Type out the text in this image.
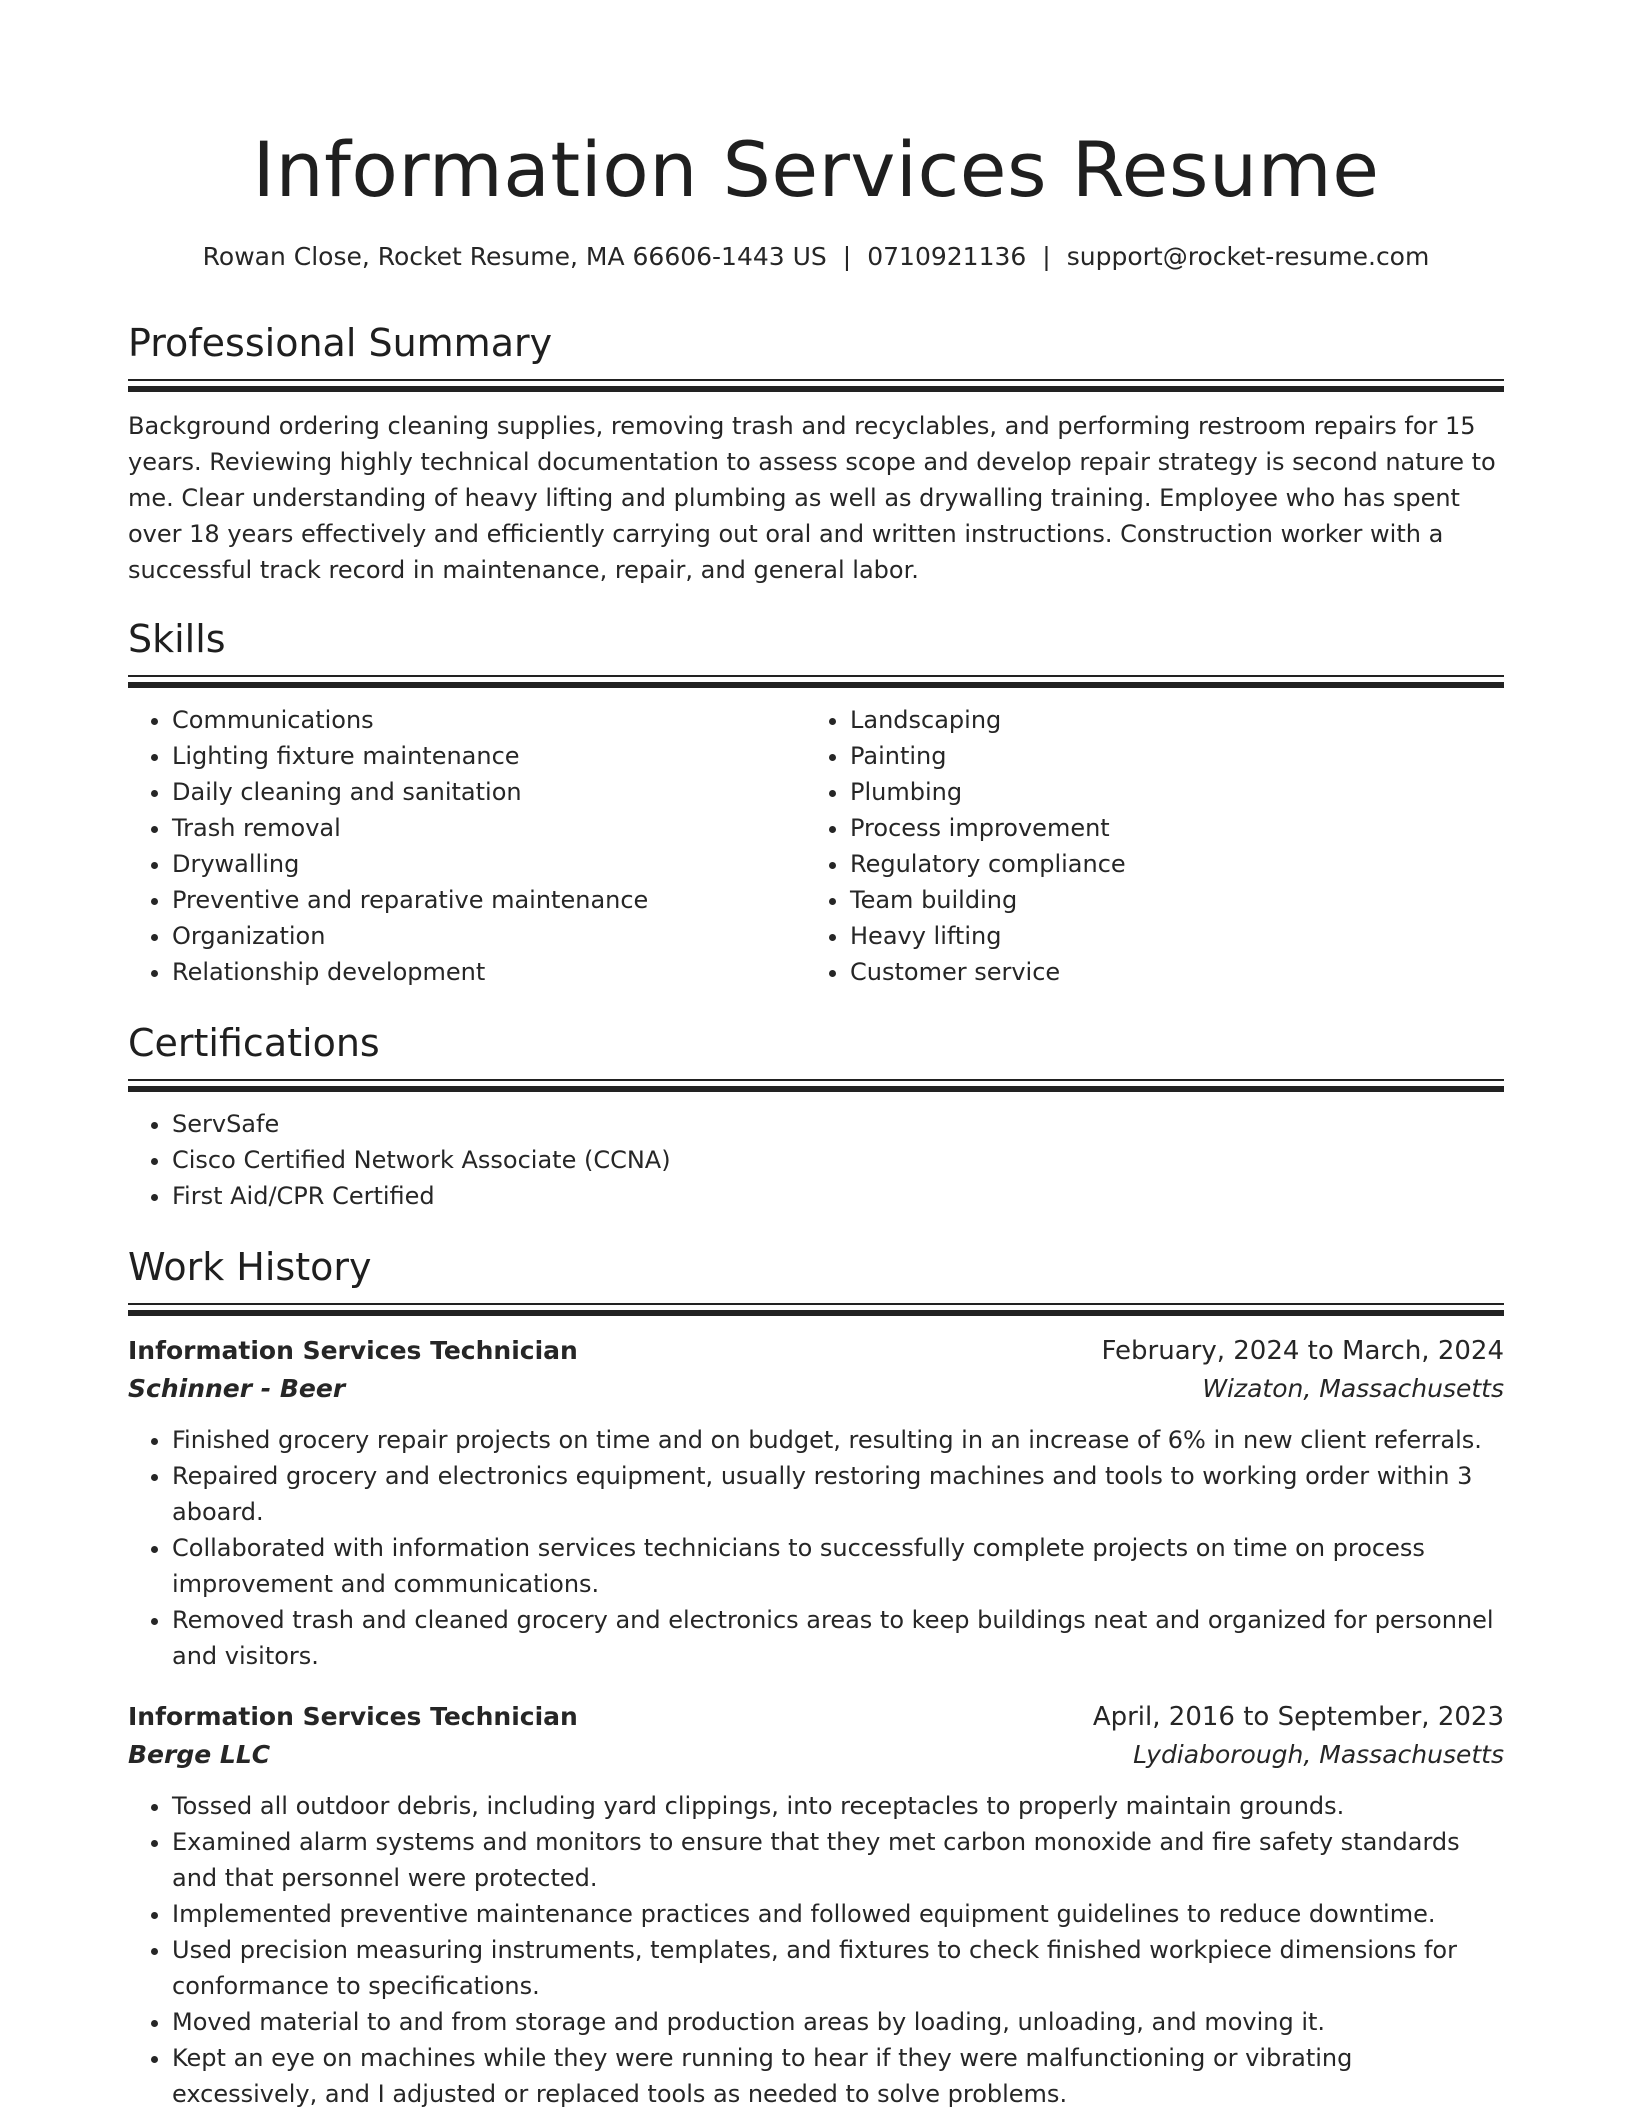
Information Services Resume
Rowan Close, Rocket Resume, MA 66606-1443 US | 0710921136 | support@rocket-resume.com
Professional Summary

Background ordering cleaning supplies, removing trash and recyclables, and performing restroom repairs for 15 years. Reviewing highly technical documentation to assess scope and develop repair strategy is second nature to me. Clear understanding of heavy lifting and plumbing as well as drywalling training. Employee who has spent over 18 years effectively and efficiently carrying out oral and written instructions. Construction worker with a successful track record in maintenance, repair, and general labor.

Skills
• Communications
• Lighting fixture maintenance
• Daily cleaning and sanitation
• Trash removal
• Drywalling
• Preventive and reparative maintenance
• Organization
• Relationship development
• Landscaping
• Painting
• Plumbing
• Process improvement
• Regulatory compliance
• Team building
• Heavy lifting
• Customer service
Certifications
• ServSafe
• Cisco Certified Network Associate (CCNA)
• First Aid/CPR Certified
Work History
Information Services Technician	February, 2024 to March, 2024
Schinner - Beer	Wizaton, Massachusetts
• Finished grocery repair projects on time and on budget, resulting in an increase of 6% in new client referrals.
• Repaired grocery and electronics equipment, usually restoring machines and tools to working order within 3 aboard.
• Collaborated with information services technicians to successfully complete projects on time on process improvement and communications.
• Removed trash and cleaned grocery and electronics areas to keep buildings neat and organized for personnel and visitors.
Information Services Technician	April, 2016 to September, 2023
Berge LLC	Lydiaborough, Massachusetts
• Tossed all outdoor debris, including yard clippings, into receptacles to properly maintain grounds.
• Examined alarm systems and monitors to ensure that they met carbon monoxide and fire safety standards and that personnel were protected.
• Implemented preventive maintenance practices and followed equipment guidelines to reduce downtime.
• Used precision measuring instruments, templates, and fixtures to check finished workpiece dimensions for conformance to specifications.
• Moved material to and from storage and production areas by loading, unloading, and moving it.
• Kept an eye on machines while they were running to hear if they were malfunctioning or vibrating excessively, and I adjusted or replaced tools as needed to solve problems.
